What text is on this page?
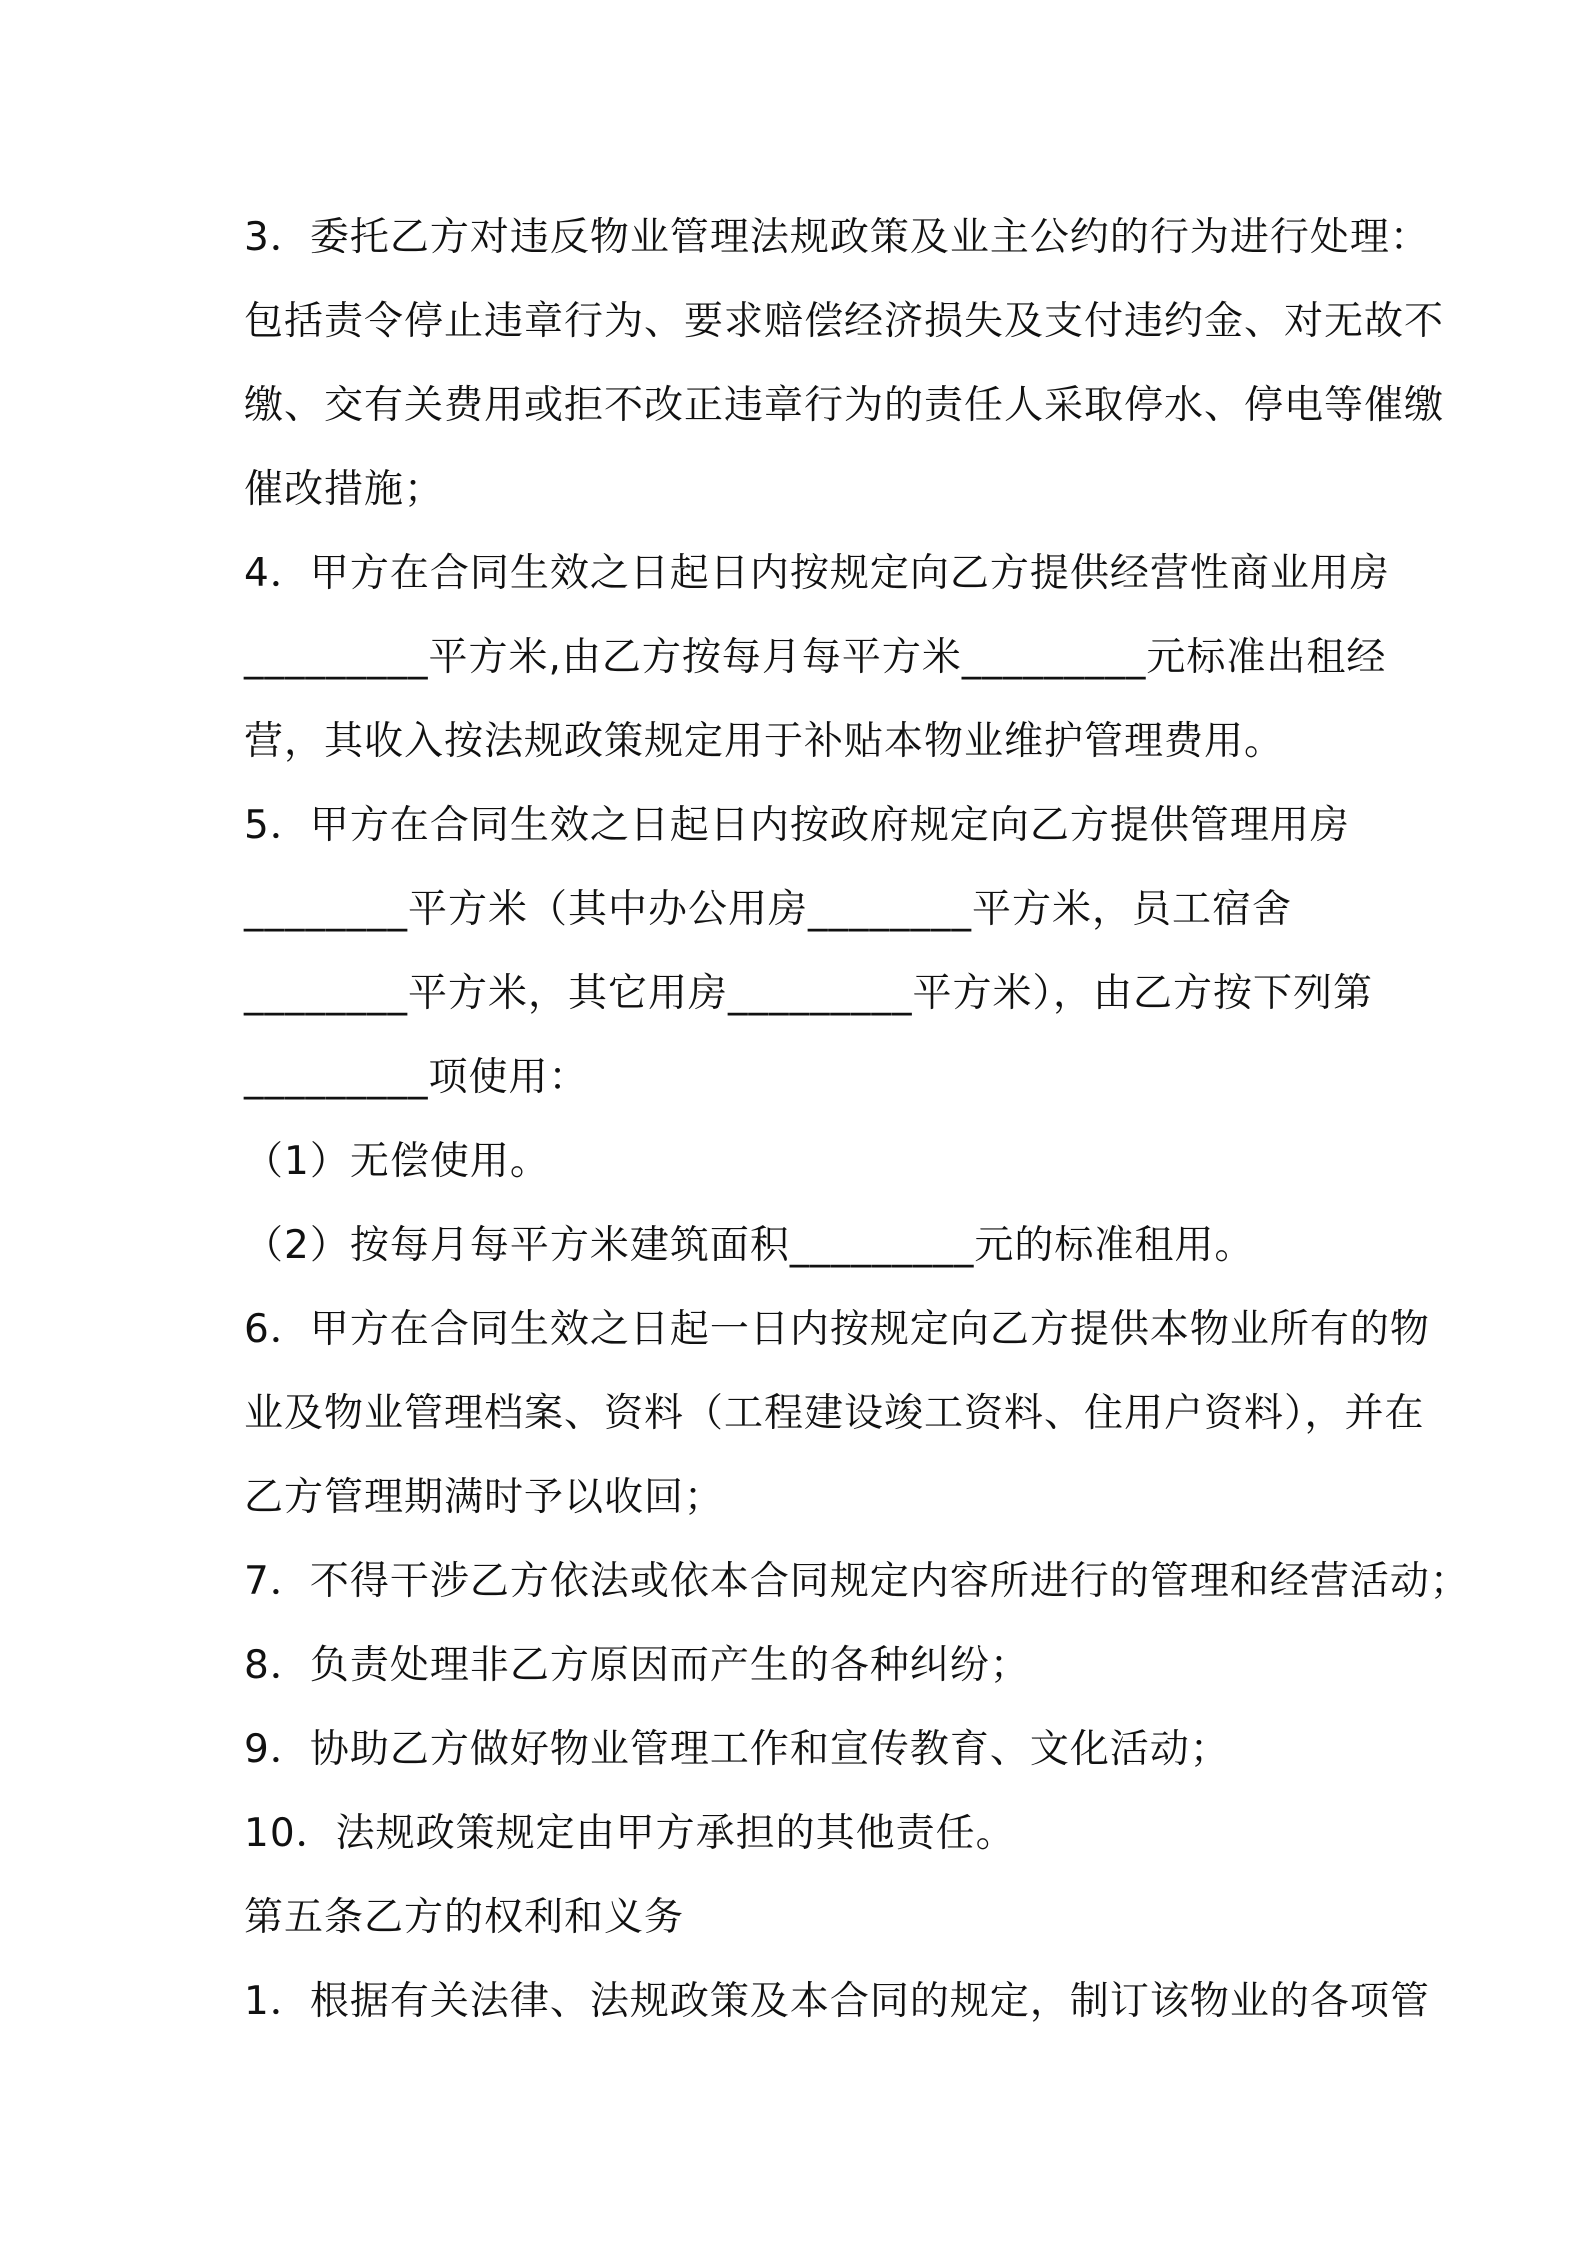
3．委托乙方对违反物业管理法规政策及业主公约的行为进行处理：
包括责令停止违章行为、要求赔偿经济损失及支付违约金、对无故不
缴、交有关费用或拒不改正违章行为的责任人采取停水、停电等催缴
催改措施；
4．甲方在合同生效之日起日内按规定向乙方提供经营性商业用房
_________平方米,由乙方按每月每平方米_________元标准出租经
营，其收入按法规政策规定用于补贴本物业维护管理费用。
5．甲方在合同生效之日起日内按政府规定向乙方提供管理用房
________平方米（其中办公用房________平方米，员工宿舍
________平方米，其它用房_________平方米），由乙方按下列第
_________项使用：
（1）无偿使用。
（2）按每月每平方米建筑面积_________元的标准租用。
6．甲方在合同生效之日起一日内按规定向乙方提供本物业所有的物
业及物业管理档案、资料（工程建设竣工资料、住用户资料），并在
乙方管理期满时予以收回；
7．不得干涉乙方依法或依本合同规定内容所进行的管理和经营活动；
8．负责处理非乙方原因而产生的各种纠纷；
9．协助乙方做好物业管理工作和宣传教育、文化活动；
10．法规政策规定由甲方承担的其他责任。
第五条乙方的权利和义务
1．根据有关法律、法规政策及本合同的规定，制订该物业的各项管
